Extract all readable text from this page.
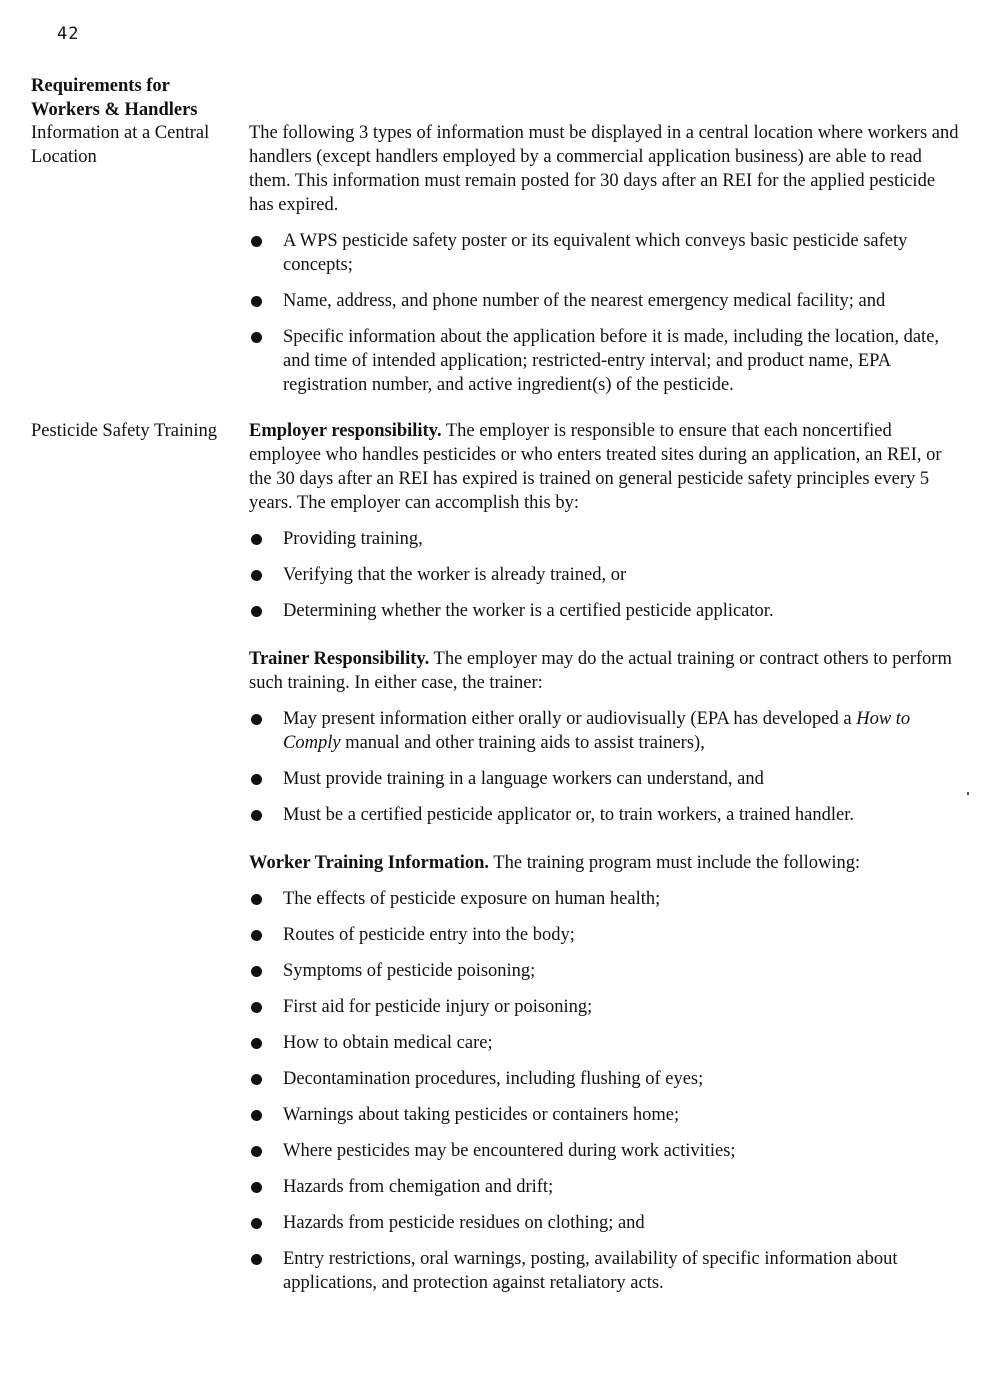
42
Requirements for
Workers & Handlers
Information at a Central Location

The following 3 types of information must be displayed in a central location where workers and handlers (except handlers employed by a commercial application business) are able to read them. This information must remain posted for 30 days after an REI for the applied pesticide has expired.

A WPS pesticide safety poster or its equivalent which conveys basic pesticide safety concepts;
Name, address, and phone number of the nearest emergency medical facility; and
Specific information about the application before it is made, including the location, date, and time of intended application; restricted-entry interval; and product name, EPA registration number, and active ingredient(s) of the pesticide.
Pesticide Safety Training	Employer responsibility. The employer is responsible to ensure that each noncertified employee who handles pesticides or who enters treated sites during an application, an REI, or the 30 days after an REI has expired is trained on general pesticide safety principles every 5 years. The employer can accomplish this by:

Providing training,
Verifying that the worker is already trained, or
Determining whether the worker is a certified pesticide applicator.

Trainer Responsibility. The employer may do the actual training or contract others to perform such training. In either case, the trainer:

May present information either orally or audiovisually (EPA has developed a How to Comply manual and other training aids to assist trainers),
Must provide training in a language workers can understand, and
Must be a certified pesticide applicator or, to train workers, a trained handler.

Worker Training Information. The training program must include the following:

The effects of pesticide exposure on human health;
Routes of pesticide entry into the body;
Symptoms of pesticide poisoning;
First aid for pesticide injury or poisoning;
How to obtain medical care;
Decontamination procedures, including flushing of eyes;
Warnings about taking pesticides or containers home;
Where pesticides may be encountered during work activities;
Hazards from chemigation and drift;
Hazards from pesticide residues on clothing; and
Entry restrictions, oral warnings, posting, availability of specific information about applications, and protection against retaliatory acts.
